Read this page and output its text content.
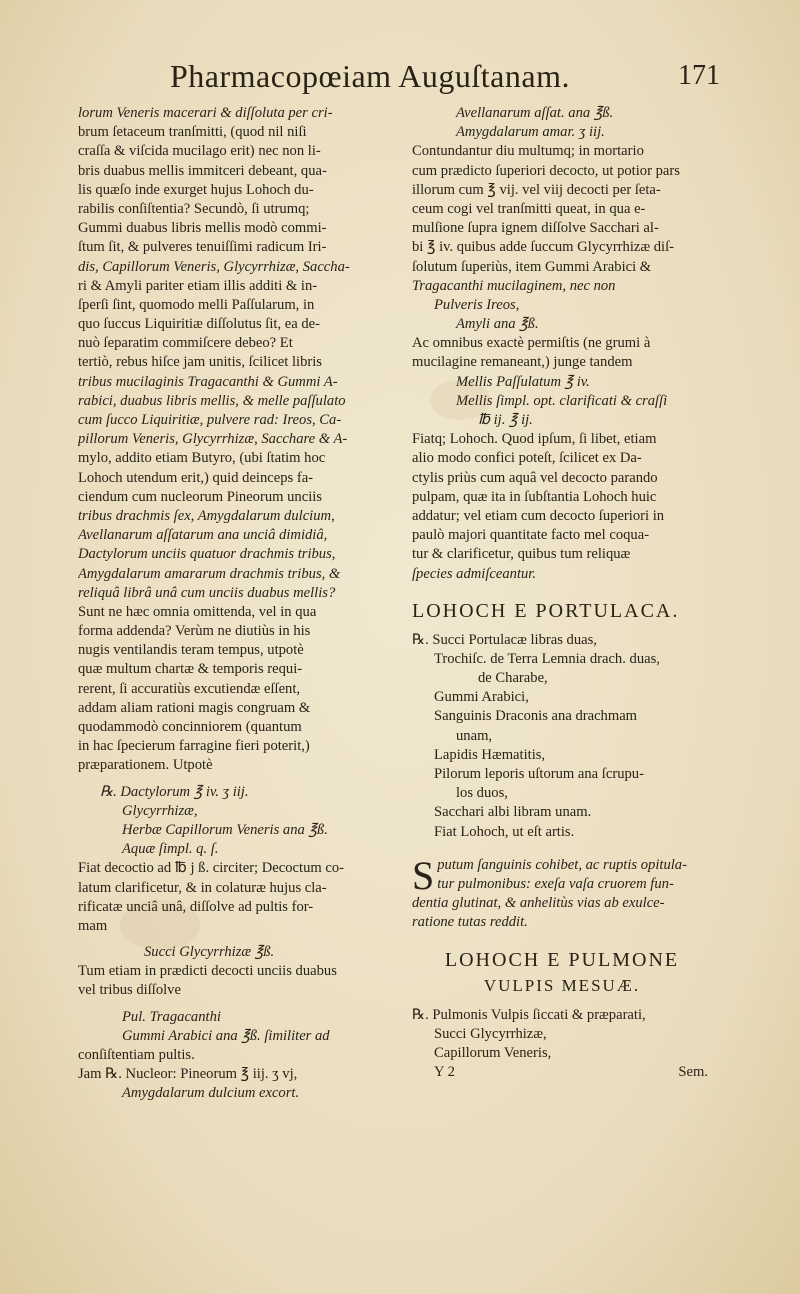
Pharmacopœiam Auguſtanam.	171
lorum Veneris macerari & diſſoluta per cri-
brum ſetaceum tranſmitti, (quod nil niſi
craſſa & viſcida mucilago erit) nec non li-
bris duabus mellis immitceri debeant, qua-
lis quæſo inde exurget hujus Lohoch du-
rabilis conſiſtentia? Secundò, ſi utrumq;
Gummi duabus libris mellis modò commi-
ſtum ſit, & pulveres tenuiſſimi radicum Iri-
dis, Capillorum Veneris, Glycyrrhizæ, Saccha-
ri & Amyli pariter etiam illis additi & in-
ſperſi ſint, quomodo melli Paſſularum, in
quo ſuccus Liquiritiæ diſſolutus ſit, ea de-
nuò ſeparatim commiſcere debeo? Et
tertiò, rebus hiſce jam unitis, ſcilicet libris
tribus mucilaginis Tragacanthi & Gummi A-
rabici, duabus libris mellis, & melle paſſulato
cum ſucco Liquiritiæ, pulvere rad: Ireos, Ca-
pillorum Veneris, Glycyrrhizæ, Sacchare & A-
mylo, addito etiam Butyro, (ubi ſtatim hoc
Lohoch utendum erit,) quid deinceps fa-
ciendum cum nucleorum Pineorum unciis
tribus drachmis ſex, Amygdalarum dulcium,
Avellanarum aſſatarum ana unciâ dimidiâ,
Dactylorum unciis quatuor drachmis tribus,
Amygdalarum amararum drachmis tribus, &
reliquâ librâ unâ cum unciis duabus mellis?
Sunt ne hæc omnia omittenda, vel in qua
forma addenda? Verùm ne diutiùs in his
nugis ventilandis teram tempus, utpotè
quæ multum chartæ & temporis requi-
rerent, ſi accuratiùs excutiendæ eſſent,
addam aliam rationi magis congruam &
quodammodò concinniorem (quantum
in hac ſpecierum farragine fieri poterit,)
præparationem. Utpotè
℞. Dactylorum ℥ iv. ʒ iij.
Glycyrrhizæ,
Herbæ Capillorum Veneris ana ℥ß.
Aquæ ſimpl. q. ſ.
Fiat decoctio ad ℔ j ß. circiter; Decoctum co-
latum clarificetur, & in colaturæ hujus cla-
rificatæ unciâ unâ, diſſolve ad pultis for-
mam
Succi Glycyrrhizæ ℥ß.
Tum etiam in prædicti decocti unciis duabus
vel tribus diſſolve
Pul. Tragacanthi
Gummi Arabici ana ℥ß. ſimiliter ad
conſiſtentiam pultis.
Jam ℞. Nucleor: Pineorum ℥ iij. ʒ vj,
Amygdalarum dulcium excort.
Avellanarum aſſat. ana ℥ß.
Amygdalarum amar. ʒ iij.
Contundantur diu multumq; in mortario
cum prædicto ſuperiori decocto, ut potior pars
illorum cum ℥ vij. vel viij decocti per ſeta-
ceum cogi vel tranſmitti queat, in qua e-
mulſione ſupra ignem diſſolve Sacchari al-
bi ℥ iv. quibus adde ſuccum Glycyrrhizæ diſ-
ſolutum ſuperiùs, item Gummi Arabici &
Tragacanthi mucilaginem, nec non
Pulveris Ireos,
Amyli ana ℥ß.
Ac omnibus exactè permiſtis (ne grumi à
mucilagine remaneant,) junge tandem
Mellis Paſſulatum ℥ iv.
Mellis ſimpl. opt. clarificati & craſſi
℔ ij. ℥ ij.
Fiatq; Lohoch. Quod ipſum, ſi libet, etiam
alio modo confici poteſt, ſcilicet ex Da-
ctylis priùs cum aquâ vel decocto parando
pulpam, quæ ita in ſubſtantia Lohoch huic
addatur; vel etiam cum decocto ſuperiori in
paulò majori quantitate facto mel coqua-
tur & clarificetur, quibus tum reliquæ
ſpecies admiſceantur.
LOHOCH E PORTULACA.
℞. Succi Portulacæ libras duas,
Trochiſc. de Terra Lemnia drach. duas,
de Charabe,
Gummi Arabici,
Sanguinis Draconis ana drachmam
unam,
Lapidis Hæmatitis,
Pilorum leporis uſtorum ana ſcrupu-
los duos,
Sacchari albi libram unam.
Fiat Lohoch, ut eſt artis.
S putum ſanguinis cohibet, ac ruptis opitula-
tur pulmonibus: exeſa vaſa cruorem fun-
dentia glutinat, & anhelitùs vias ab exulce-
ratione tutas reddit.
LOHOCH E PULMONE
VULPIS MESUÆ.
℞. Pulmonis Vulpis ſiccati & præparati,
Succi Glycyrrhizæ,
Capillorum Veneris,
Y 2	Sem.
